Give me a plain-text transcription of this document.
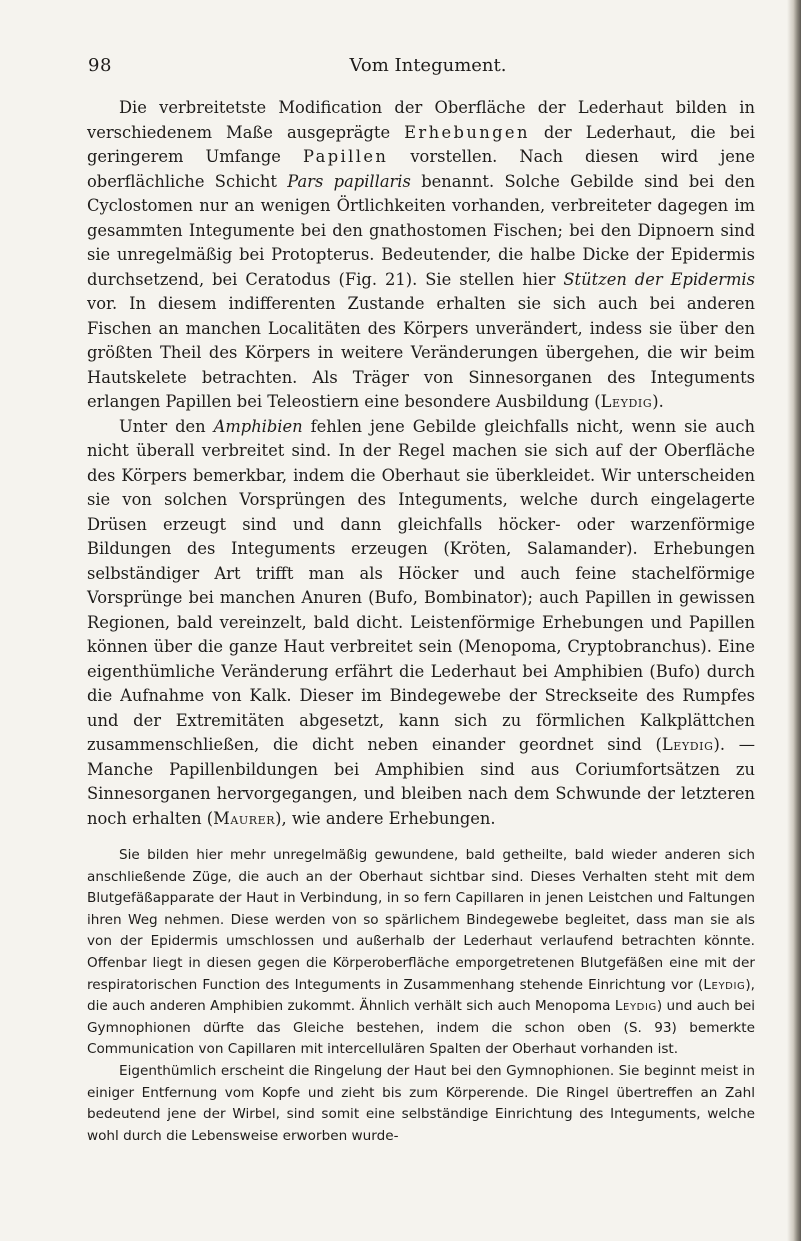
98	Vom Integument.

Die verbreitetste Modification der Oberfläche der Lederhaut bilden in verschiedenem Maße ausgeprägte Erhebungen der Lederhaut, die bei geringerem Umfange Papillen vorstellen. Nach diesen wird jene oberflächliche Schicht Pars papillaris benannt. Solche Gebilde sind bei den Cyclostomen nur an wenigen Örtlichkeiten vorhanden, verbreiteter dagegen im gesammten Integumente bei den gnathostomen Fischen; bei den Dipnoern sind sie unregelmäßig bei Protopterus. Bedeutender, die halbe Dicke der Epidermis durchsetzend, bei Ceratodus (Fig. 21). Sie stellen hier Stützen der Epidermis vor. In diesem indifferenten Zustande erhalten sie sich auch bei anderen Fischen an manchen Localitäten des Körpers unverändert, indess sie über den größten Theil des Körpers in weitere Veränderungen übergehen, die wir beim Hautskelete betrachten. Als Träger von Sinnesorganen des Integuments erlangen Papillen bei Teleostiern eine besondere Ausbildung (Leydig).

Unter den Amphibien fehlen jene Gebilde gleichfalls nicht, wenn sie auch nicht überall verbreitet sind. In der Regel machen sie sich auf der Oberfläche des Körpers bemerkbar, indem die Oberhaut sie überkleidet. Wir unterscheiden sie von solchen Vorsprüngen des Integuments, welche durch eingelagerte Drüsen erzeugt sind und dann gleichfalls höcker- oder warzenförmige Bildungen des Integuments erzeugen (Kröten, Salamander). Erhebungen selbständiger Art trifft man als Höcker und auch feine stachelförmige Vorsprünge bei manchen Anuren (Bufo, Bombinator); auch Papillen in gewissen Regionen, bald vereinzelt, bald dicht. Leistenförmige Erhebungen und Papillen können über die ganze Haut verbreitet sein (Menopoma, Cryptobranchus). Eine eigenthümliche Veränderung erfährt die Lederhaut bei Amphibien (Bufo) durch die Aufnahme von Kalk. Dieser im Bindegewebe der Streckseite des Rumpfes und der Extremitäten abgesetzt, kann sich zu förmlichen Kalkplättchen zusammenschließen, die dicht neben einander geordnet sind (Leydig). — Manche Papillenbildungen bei Amphibien sind aus Coriumfortsätzen zu Sinnesorganen hervorgegangen, und bleiben nach dem Schwunde der letzteren noch erhalten (Maurer), wie andere Erhebungen.

Sie bilden hier mehr unregelmäßig gewundene, bald getheilte, bald wieder anderen sich anschließende Züge, die auch an der Oberhaut sichtbar sind. Dieses Verhalten steht mit dem Blutgefäßapparate der Haut in Verbindung, in so fern Capillaren in jenen Leistchen und Faltungen ihren Weg nehmen. Diese werden von so spärlichem Bindegewebe begleitet, dass man sie als von der Epidermis umschlossen und außerhalb der Lederhaut verlaufend betrachten könnte. Offenbar liegt in diesen gegen die Körperoberfläche emporgetretenen Blutgefäßen eine mit der respiratorischen Function des Integuments in Zusammenhang stehende Einrichtung vor (Leydig), die auch anderen Amphibien zukommt. Ähnlich verhält sich auch Menopoma Leydig) und auch bei Gymnophionen dürfte das Gleiche bestehen, indem die schon oben (S. 93) bemerkte Communication von Capillaren mit intercellulären Spalten der Oberhaut vorhanden ist.

Eigenthümlich erscheint die Ringelung der Haut bei den Gymnophionen. Sie beginnt meist in einiger Entfernung vom Kopfe und zieht bis zum Körperende. Die Ringel übertreffen an Zahl bedeutend jene der Wirbel, sind somit eine selbständige Einrichtung des Integuments, welche wohl durch die Lebensweise erworben wurde-
